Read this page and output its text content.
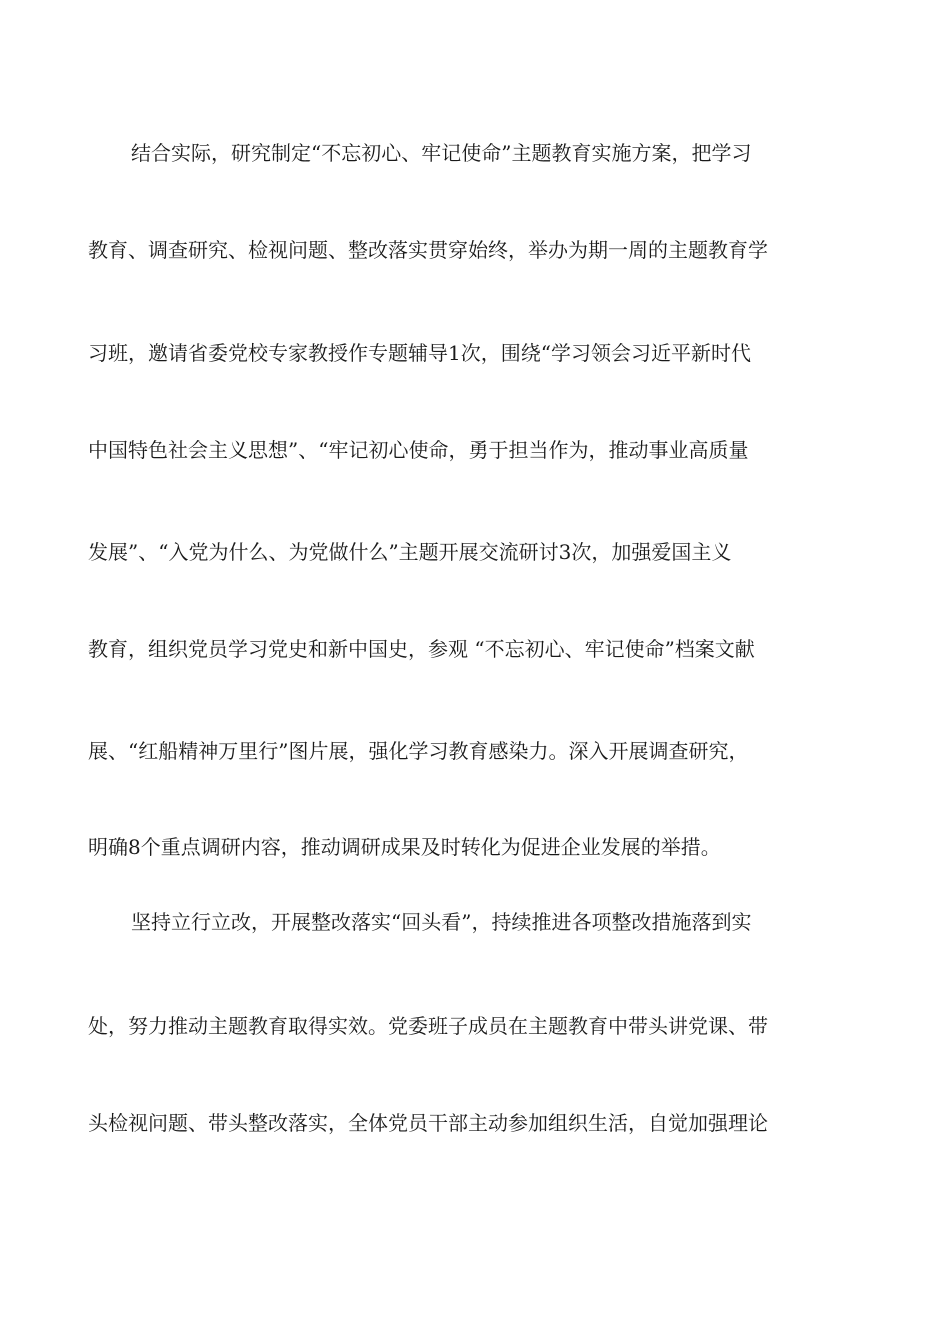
结合实际，研究制定“不忘初心、牢记使命”主题教育实施方案，把学习
教育、调查研究、检视问题、整改落实贯穿始终，举办为期一周的主题教育学
习班，邀请省委党校专家教授作专题辅导1次，围绕“学习领会习近平新时代
中国特色社会主义思想”、“牢记初心使命，勇于担当作为，推动事业高质量
发展”、“入党为什么、为党做什么”主题开展交流研讨3次，加强爱国主义
教育，组织党员学习党史和新中国史，参观 “不忘初心、牢记使命”档案文献
展、“红船精神万里行”图片展，强化学习教育感染力。深入开展调查研究，
明确8个重点调研内容，推动调研成果及时转化为促进企业发展的举措。
坚持立行立改，开展整改落实“回头看”，持续推进各项整改措施落到实
处，努力推动主题教育取得实效。党委班子成员在主题教育中带头讲党课、带
头检视问题、带头整改落实，全体党员干部主动参加组织生活，自觉加强理论
